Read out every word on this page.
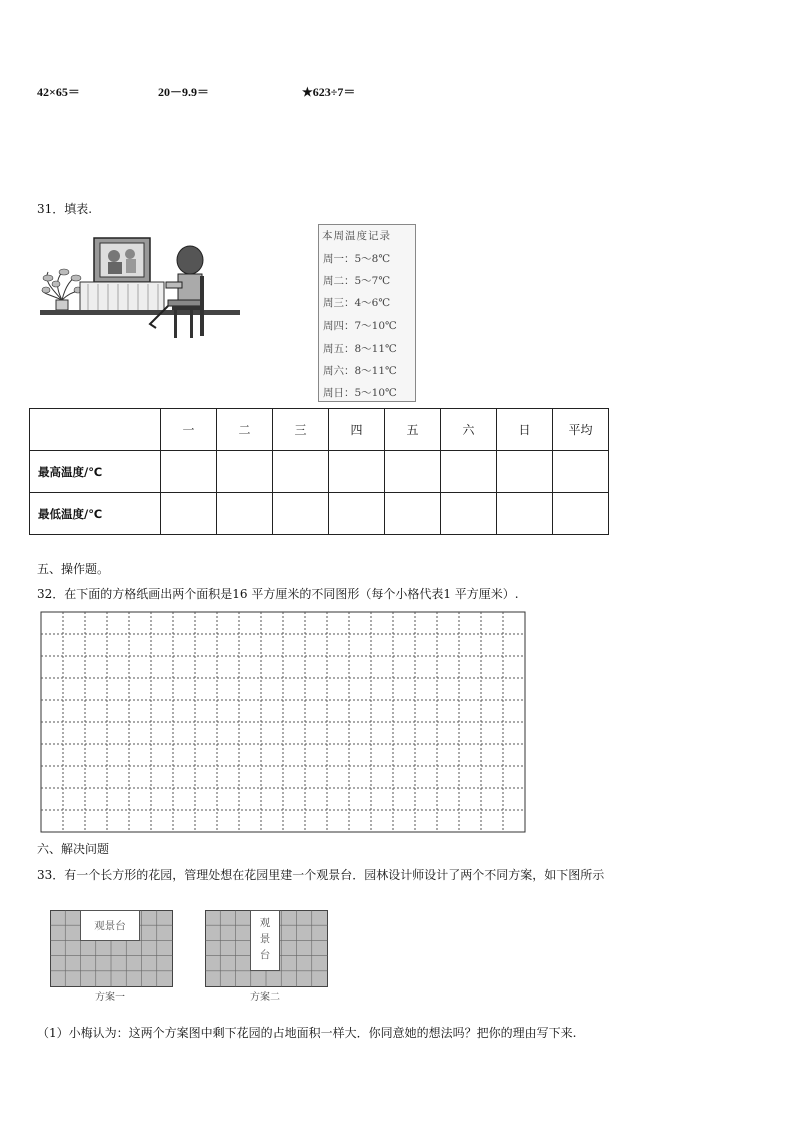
42×65＝	20－9.9＝	★623÷7＝
31．填表.
本周温度记录
周一：5～8℃
周二：5～7℃
周三：4～6℃
周四：7～10℃
周五：8～11℃
周六：8～11℃
周日：5～10℃
	一	二	三	四	五	六	日	平均
最高温度/℃								
最低温度/℃								
五、操作题。
32．在下面的方格纸画出两个面积是16 平方厘米的不同图形（每个小格代表1 平方厘米）.
六、解决问题
33．有一个长方形的花园，管理处想在花园里建一个观景台．园林设计师设计了两个不同方案，如下图所示
观景台
方案一
观
景
台
方案二
（1）小梅认为：这两个方案图中剩下花园的占地面积一样大．你同意她的想法吗？把你的理由写下来.
